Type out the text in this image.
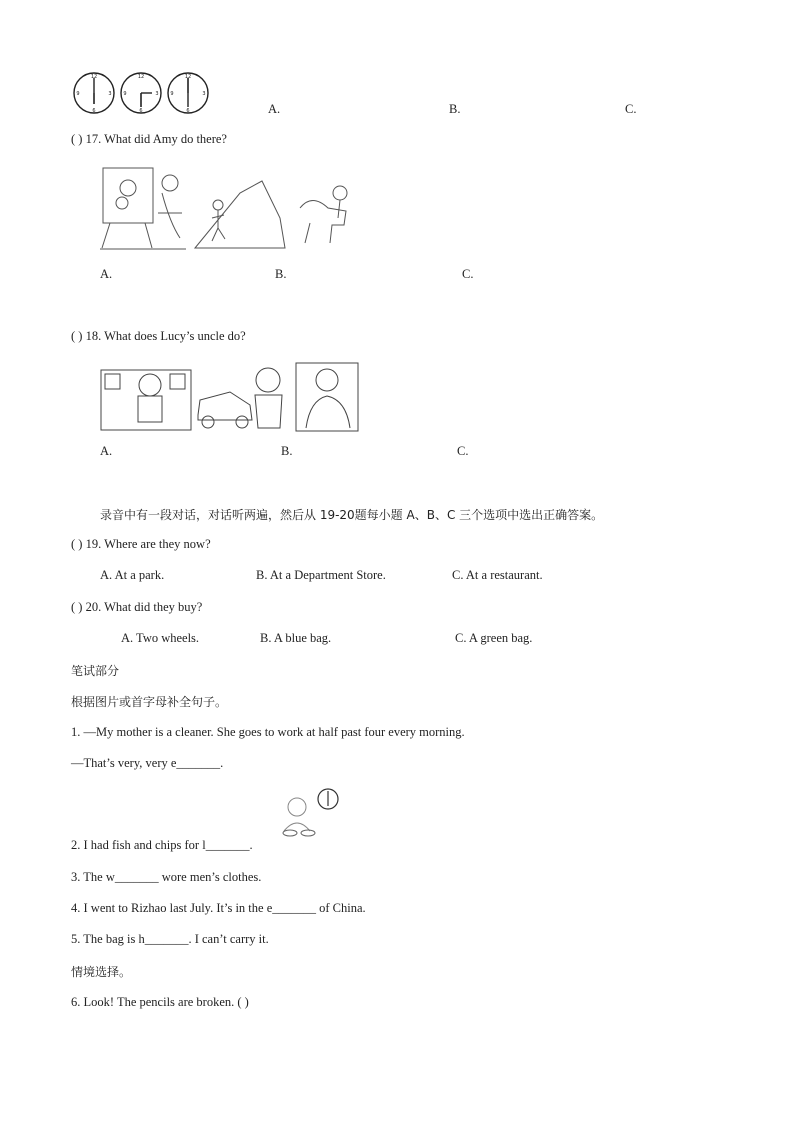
12
3
6
9
12
3
6
9
12
3
6
9
A.	B.	C.
( ) 17. What did Amy do there?
A.	B.	C.
( ) 18. What does Lucy’s uncle do?
A.	B.	C.
录音中有一段对话，对话听两遍，然后从 19-20题每小题 A、B、C 三个选项中选出正确答案。
( ) 19. Where are they now?
A. At a park.	B. At a Department Store.	C. At a restaurant.
( ) 20. What did they buy?
A. Two wheels.	B. A blue bag.	C. A green bag.
笔试部分
根据图片或首字母补全句子。
1. —My mother is a cleaner. She goes to work at half past four every morning.
—That’s very, very e_______.
2. I had fish and chips for l_______.
3. The w_______ wore men’s clothes.
4. I went to Rizhao last July. It’s in the e_______ of China.
5. The bag is h_______. I can’t carry it.
情境选择。
6. Look! The pencils are broken. ( )
